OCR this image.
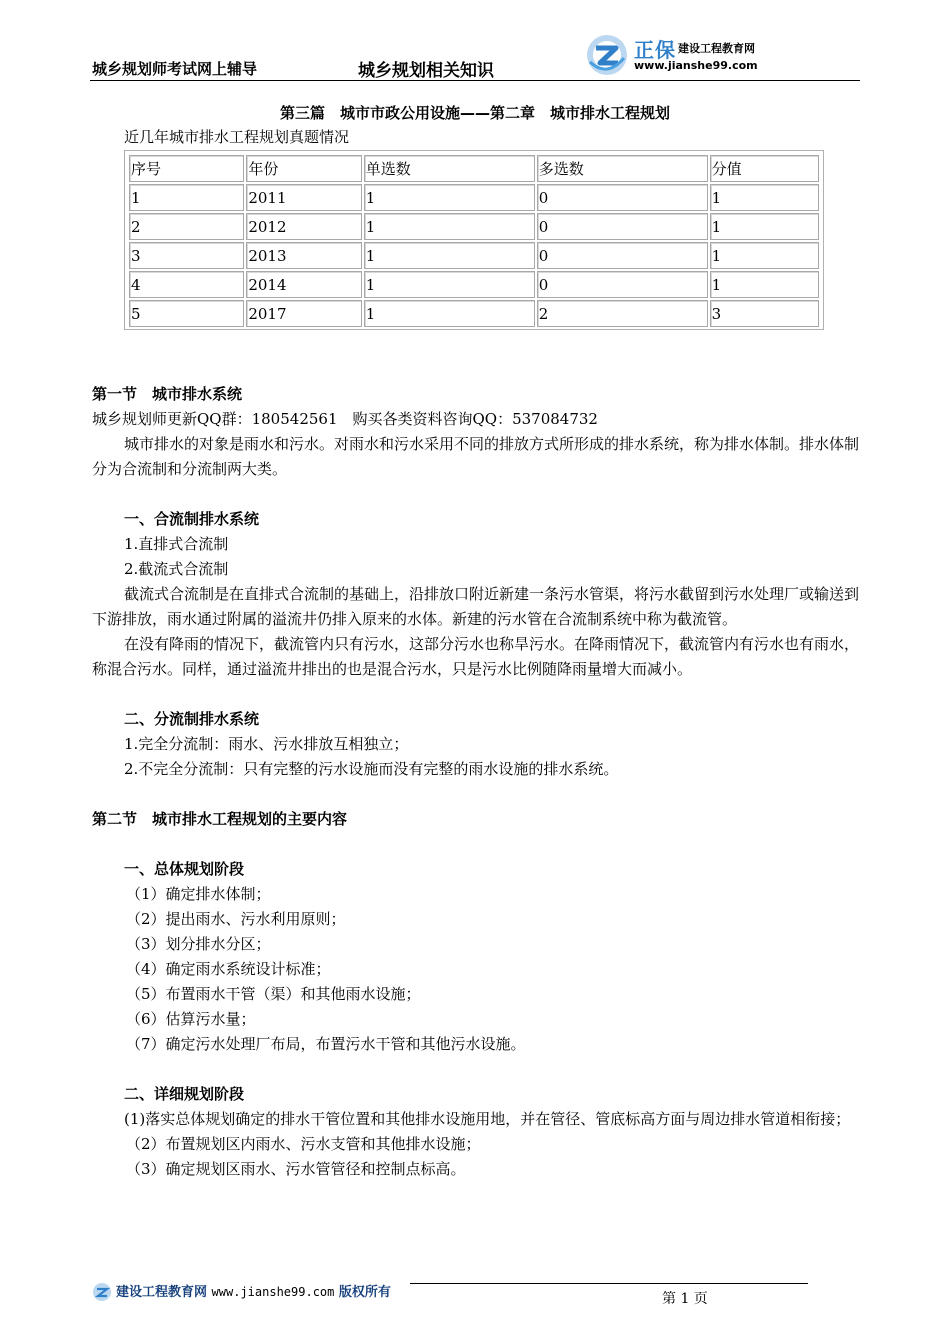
城乡规划师考试网上辅导	城乡规划相关知识
正保 建设工程教育网
www.jianshe99.com
第三篇　城市市政公用设施——第二章　城市排水工程规划
近几年城市排水工程规划真题情况
序号	年份	单选数	多选数	分值
1	2011	1	0	1
2	2012	1	0	1
3	2013	1	0	1
4	2014	1	0	1
5	2017	1	2	3

第一节　城市排水系统

城乡规划师更新QQ群：180542561　购买各类资料咨询QQ：537084732

城市排水的对象是雨水和污水。对雨水和污水采用不同的排放方式所形成的排水系统，称为排水体制。排水体制分为合流制和分流制两大类。

一、合流制排水系统

1.直排式合流制

2.截流式合流制

截流式合流制是在直排式合流制的基础上，沿排放口附近新建一条污水管渠，将污水截留到污水处理厂或输送到下游排放，雨水通过附属的溢流井仍排入原来的水体。新建的污水管在合流制系统中称为截流管。

在没有降雨的情况下，截流管内只有污水，这部分污水也称旱污水。在降雨情况下，截流管内有污水也有雨水，称混合污水。同样，通过溢流井排出的也是混合污水，只是污水比例随降雨量增大而减小。

二、分流制排水系统

1.完全分流制：雨水、污水排放互相独立；

2.不完全分流制：只有完整的污水设施而没有完整的雨水设施的排水系统。

第二节　城市排水工程规划的主要内容

一、总体规划阶段

（1）确定排水体制；

（2）提出雨水、污水利用原则；

（3）划分排水分区；

（4）确定雨水系统设计标准；

（5）布置雨水干管（渠）和其他雨水设施；

（6）估算污水量；

（7）确定污水处理厂布局，布置污水干管和其他污水设施。

二、详细规划阶段

(1)落实总体规划确定的排水干管位置和其他排水设施用地，并在管径、管底标高方面与周边排水管道相衔接；

（2）布置规划区内雨水、污水支管和其他排水设施；

（3）确定规划区雨水、污水管管径和控制点标高。

建设工程教育网 www.jianshe99.com 版权所有	第 1 页
